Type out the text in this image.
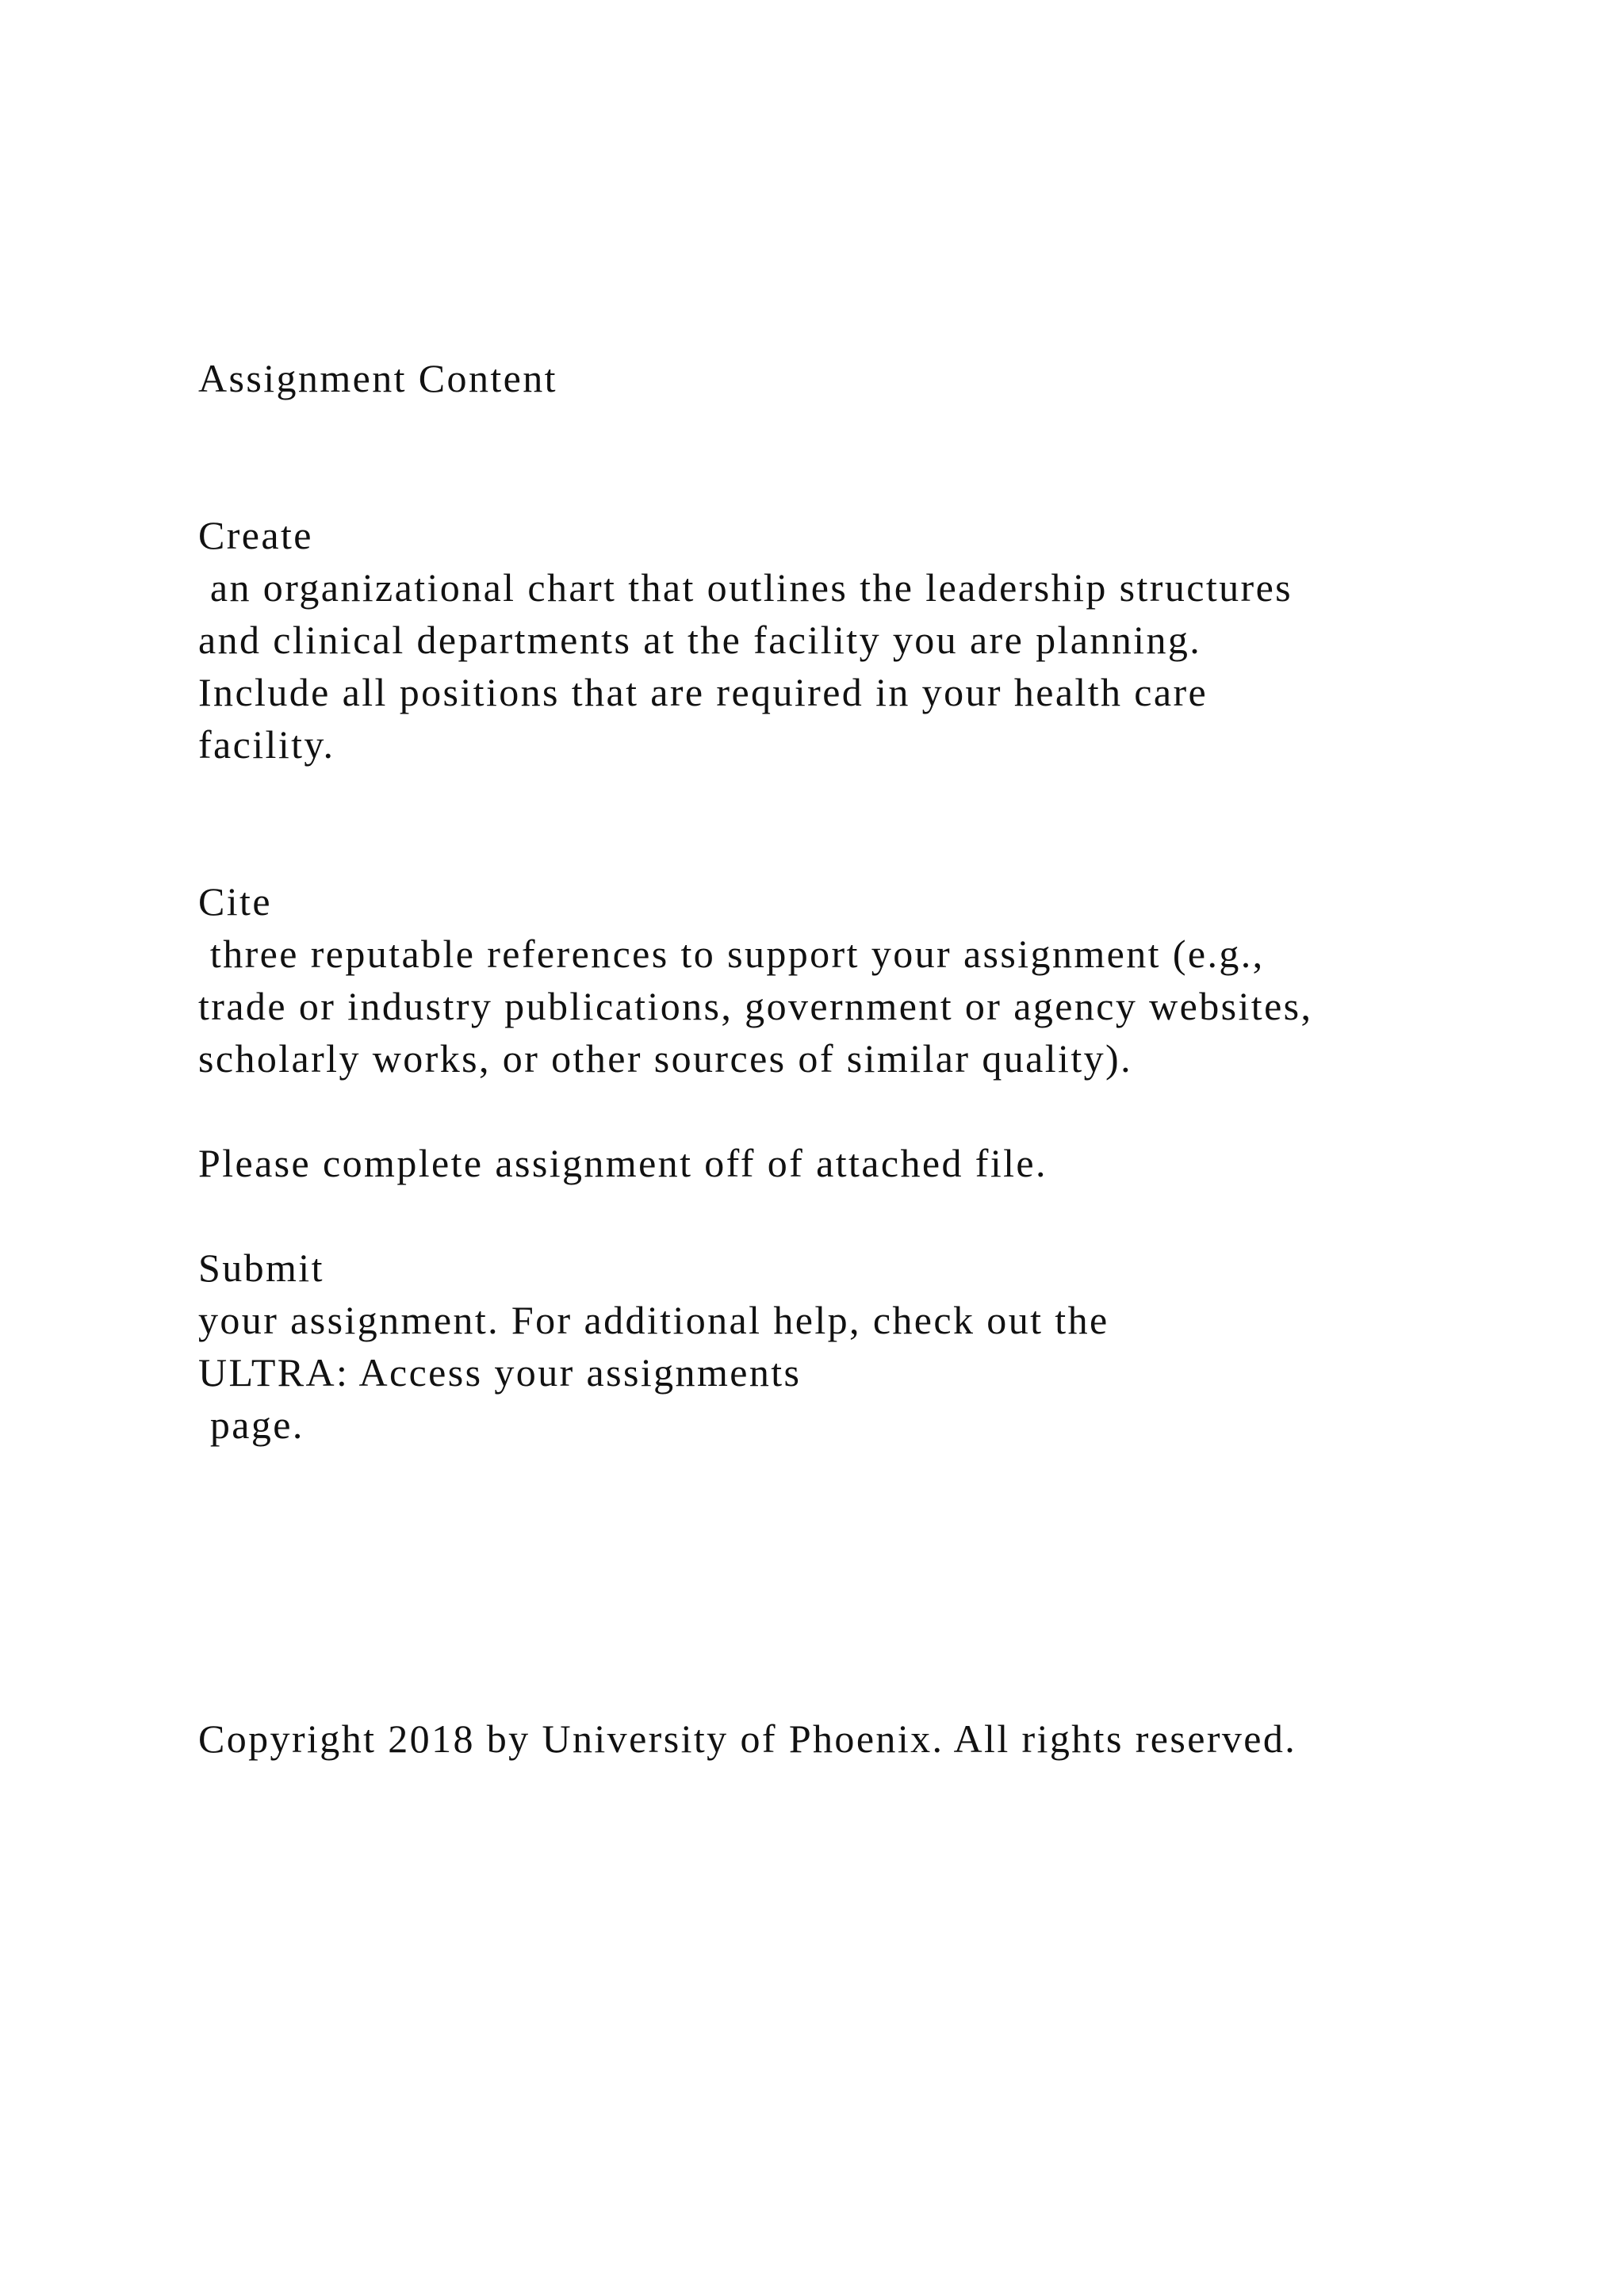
Assignment Content

Create

an organizational chart that outlines the leadership structures

and clinical departments at the facility you are planning.

Include all positions that are required in your health care

facility.

Cite

three reputable references to support your assignment (e.g.,

trade or industry publications, government or agency websites,

scholarly works, or other sources of similar quality).

Please complete assignment off of attached file.

Submit

your assignment. For additional help, check out the

ULTRA: Access your assignments

page.

Copyright 2018 by University of Phoenix. All rights reserved.
